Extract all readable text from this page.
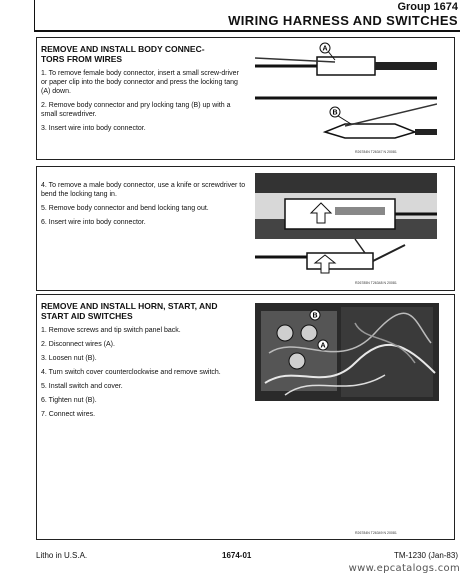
Group 1674
WIRING HARNESS AND SWITCHES
REMOVE AND INSTALL BODY CONNEC-
TORS FROM WIRES

1. To remove female body connector, insert a small screw-driver or paper clip into the body connector and press the locking tang (A) down.

2. Remove body connector and pry locking tang (B) up with a small screwdriver.

3. Insert wire into body connector.

A
B
R26784N T26347 N 20081

4. To remove a male body connector, use a knife or screwdriver to bend the locking tang in.

5. Remove body connector and bend locking tang out.

6. Insert wire into body connector.

R26785N T26348 N 20081
REMOVE AND INSTALL HORN, START, AND
START AID SWITCHES

1. Remove screws and tip switch panel back.

2. Disconnect wires (A).

3. Loosen nut (B).

4. Turn switch cover counterclockwise and remove switch.

5. Install switch and cover.

6. Tighten nut (B).

7. Connect wires.

B
A
R26784N T26349 N 20081
Litho in U.S.A.	1674-01	TM-1230 (Jan-83)
www.epcatalogs.com
